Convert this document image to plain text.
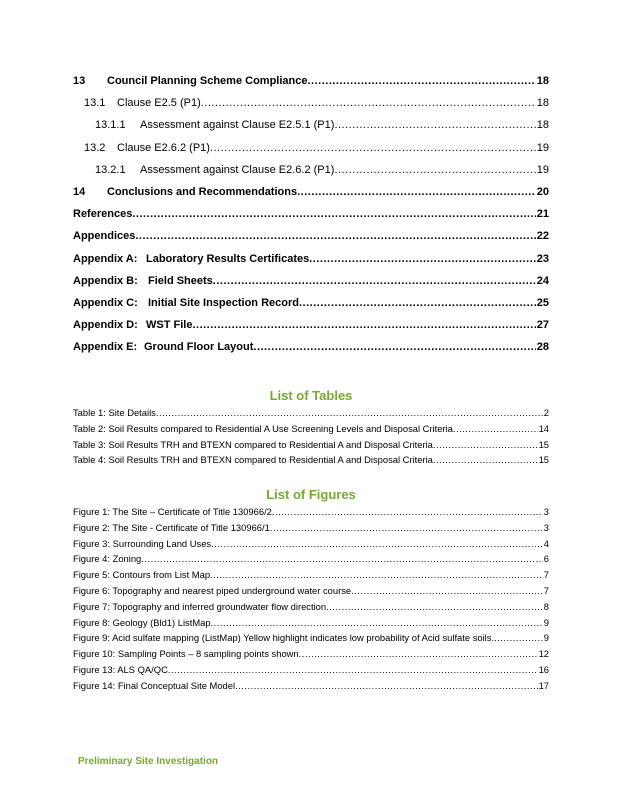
13	Council Planning Scheme Compliance .....	18
13.1	Clause E2.5 (P1) .....	18
13.1.1	Assessment against Clause E2.5.1 (P1) .....	18
13.2	Clause E2.6.2 (P1) .....	19
13.2.1	Assessment against Clause E2.6.2 (P1) .....	19
14	Conclusions and Recommendations .....	20
References .....	21
Appendices .....	22
Appendix A: Laboratory Results Certificates .....	23
Appendix B: Field Sheets .....	24
Appendix C: Initial Site Inspection Record .....	25
Appendix D: WST File .....	27
Appendix E: Ground Floor Layout .....	28
List of Tables
Table 1: Site Details .....	2
Table 2: Soil Results compared to Residential A Use Screening Levels and Disposal Criteria .....	14
Table 3: Soil Results TRH and BTEXN compared to Residential A and Disposal Criteria .....	15
Table 4: Soil Results TRH and BTEXN compared to Residential A and Disposal Criteria .....	15
List of Figures
Figure 1: The Site – Certificate of Title 130966/2 .....	3
Figure 2: The Site - Certificate of Title 130966/1 .....	3
Figure 3: Surrounding Land Uses .....	4
Figure 4: Zoning .....	6
Figure 5: Contours from List Map .....	7
Figure 6: Topography and nearest piped underground water course .....	7
Figure 7: Topography and inferred groundwater flow direction .....	8
Figure 8: Geology (Bld1) ListMap .....	9
Figure 9: Acid sulfate mapping (ListMap) Yellow highlight indicates low probability of Acid sulfate soils. .....	9
Figure 10: Sampling Points – 8 sampling points shown .....	12
Figure 13: ALS QA/QC .....	16
Figure 14: Final Conceptual Site Model .....	17
Preliminary Site Investigation
